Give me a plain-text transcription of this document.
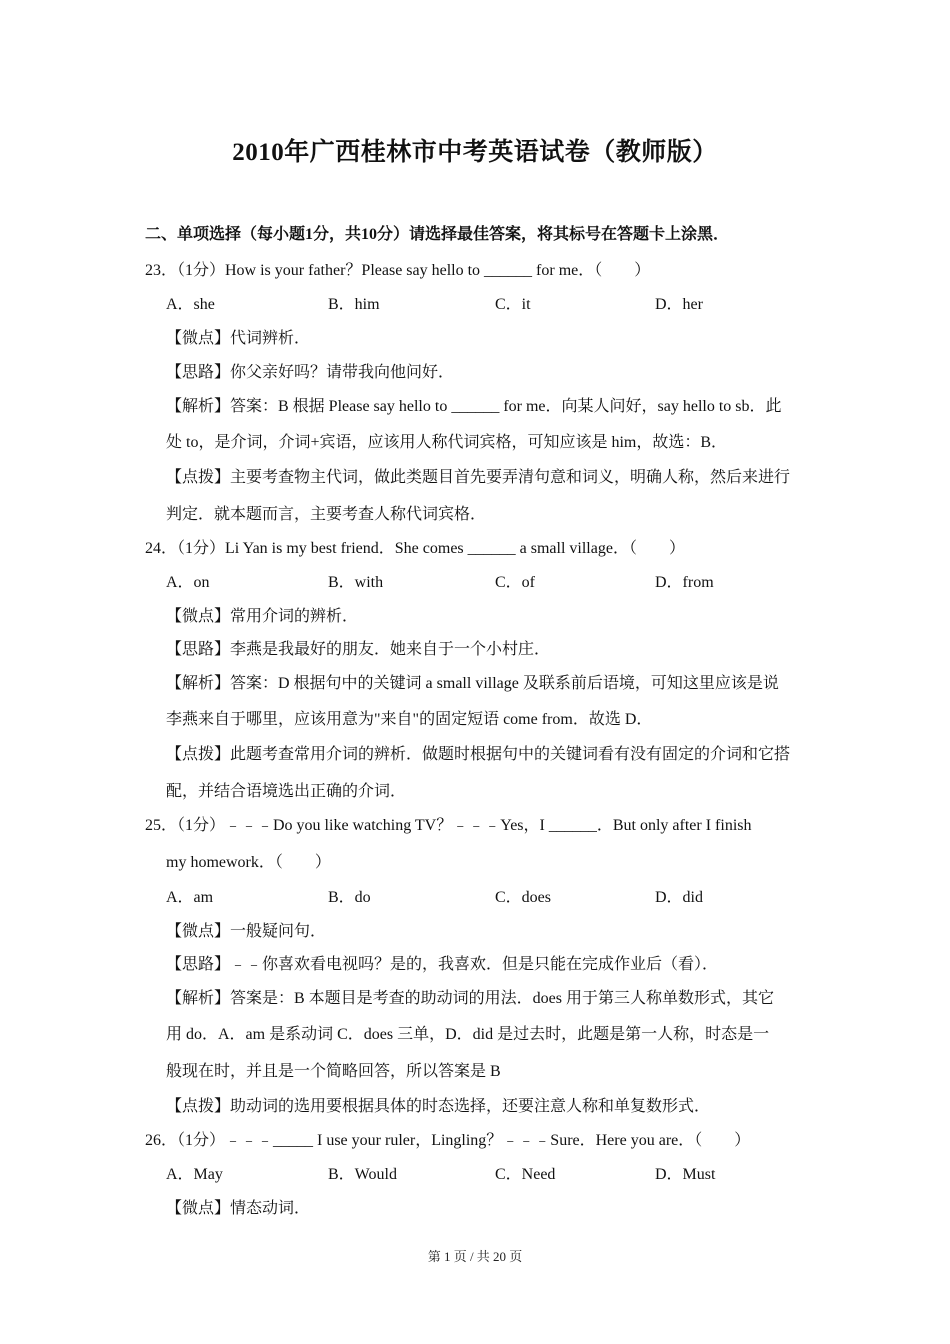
2010年广西桂林市中考英语试卷（教师版）
二、单项选择（每小题1分，共10分）请选择最佳答案，将其标号在答题卡上涂黑．
23．（1分）How is your father？Please say hello to ______ for me．（　　）
A．she	B．him	C．it	D．her
【微点】代词辨析．
【思路】你父亲好吗？请带我向他问好．
【解析】答案：B 根据 Please say hello to ______ for me．向某人问好，say hello to sb．此
处 to，是介词，介词+宾语，应该用人称代词宾格，可知应该是 him，故选：B．
【点拨】主要考查物主代词，做此类题目首先要弄清句意和词义，明确人称，然后来进行
判定．就本题而言，主要考查人称代词宾格．
24．（1分）Li Yan is my best friend．She comes ______ a small village．（　　）
A．on	B．with	C．of	D．from
【微点】常用介词的辨析．
【思路】李燕是我最好的朋友．她来自于一个小村庄．
【解析】答案：D 根据句中的关键词 a small village 及联系前后语境，可知这里应该是说
李燕来自于哪里，应该用意为"来自"的固定短语 come from．故选 D．
【点拨】此题考查常用介词的辨析．做题时根据句中的关键词看有没有固定的介词和它搭
配，并结合语境选出正确的介词．
25．（1分）﹣﹣﹣Do you like watching TV？﹣﹣﹣Yes，I ______．But only after I finish
my homework．（　　）
A．am	B．do	C．does	D．did
【微点】一般疑问句．
【思路】﹣﹣你喜欢看电视吗？是的，我喜欢．但是只能在完成作业后（看）．
【解析】答案是：B 本题目是考查的助动词的用法．does 用于第三人称单数形式，其它
用 do．A．am 是系动词 C．does 三单，D．did 是过去时，此题是第一人称，时态是一
般现在时，并且是一个简略回答，所以答案是 B
【点拨】助动词的选用要根据具体的时态选择，还要注意人称和单复数形式．
26．（1分）﹣﹣﹣_____ I use your ruler，Lingling？﹣﹣﹣Sure．Here you are．（　　）
A．May	B．Would	C．Need	D．Must
【微点】情态动词．
第 1 页 / 共 20 页
